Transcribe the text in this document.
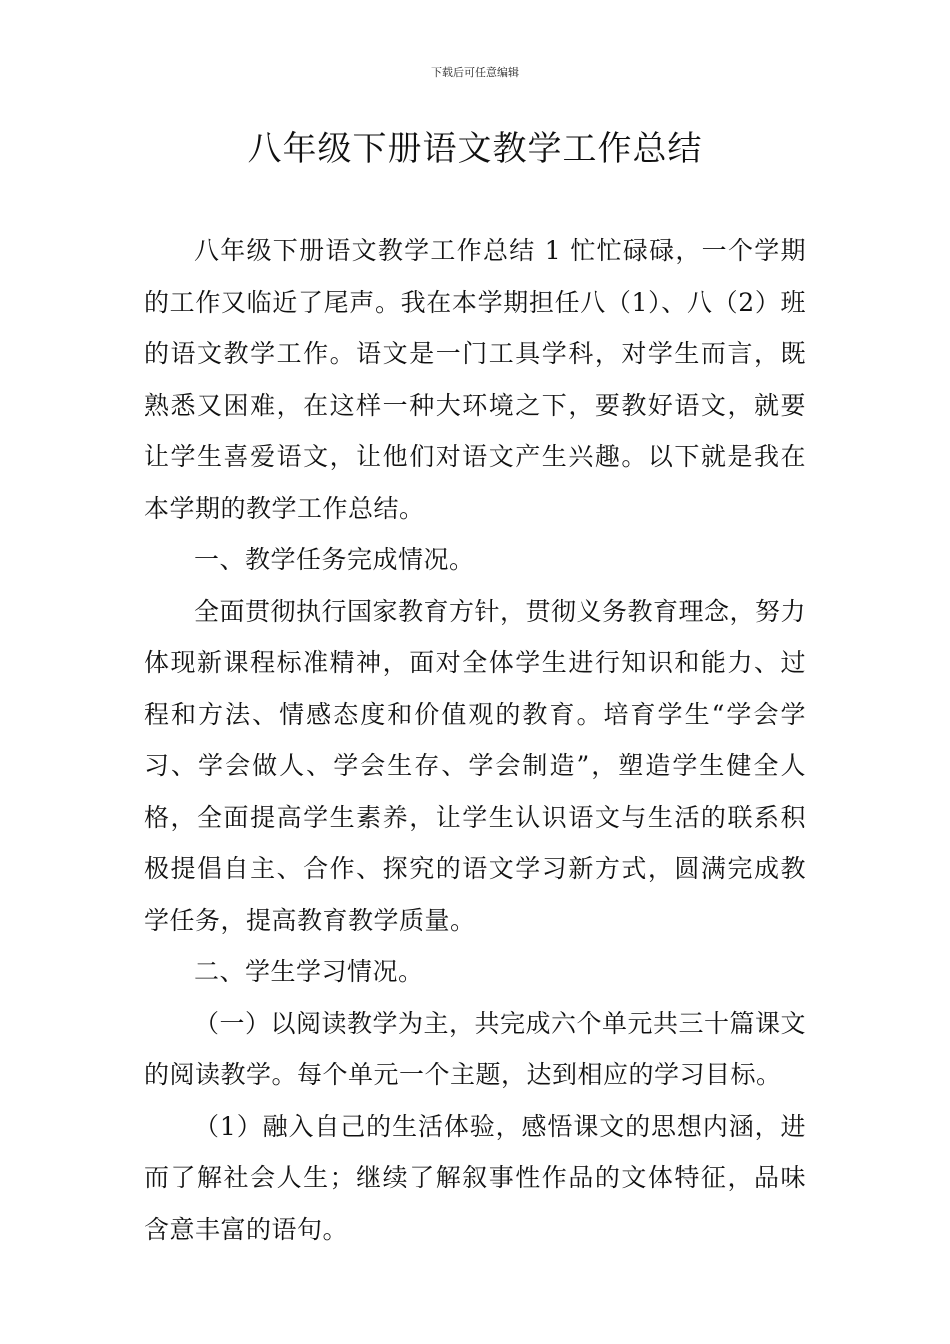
下载后可任意编辑
八年级下册语文教学工作总结

八年级下册语文教学工作总结 1 忙忙碌碌，一个学期的工作又临近了尾声。我在本学期担任八（1）、八（2）班的语文教学工作。语文是一门工具学科，对学生而言，既熟悉又困难，在这样一种大环境之下，要教好语文，就要让学生喜爱语文，让他们对语文产生兴趣。以下就是我在本学期的教学工作总结。

一、教学任务完成情况。

全面贯彻执行国家教育方针，贯彻义务教育理念，努力体现新课程标准精神，面对全体学生进行知识和能力、过程和方法、情感态度和价值观的教育。培育学生“学会学习、学会做人、学会生存、学会制造”，塑造学生健全人格，全面提高学生素养，让学生认识语文与生活的联系积极提倡自主、合作、探究的语文学习新方式，圆满完成教学任务，提高教育教学质量。

二、学生学习情况。

（一）以阅读教学为主，共完成六个单元共三十篇课文的阅读教学。每个单元一个主题，达到相应的学习目标。

（1）融入自己的生活体验，感悟课文的思想内涵，进而了解社会人生；继续了解叙事性作品的文体特征，品味含意丰富的语句。
